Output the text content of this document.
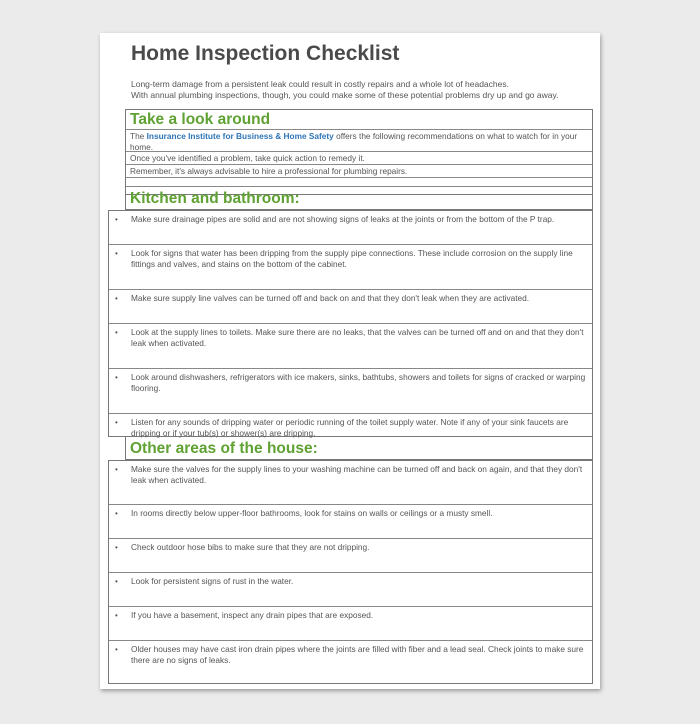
Home Inspection Checklist

Long-term damage from a persistent leak could result in costly repairs and a whole lot of headaches.

With annual plumbing inspections, though, you could make some of these potential problems dry up and go away.

Take a look around
The Insurance Institute for Business & Home Safety offers the following recommendations on what to watch for in your home.
Once you've identified a problem, take quick action to remedy it.
Remember, it's always advisable to hire a professional for plumbing repairs.
Kitchen and bathroom:
• Make sure drainage pipes are solid and are not showing signs of leaks at the joints or from the bottom of the P trap.
• Look for signs that water has been dripping from the supply pipe connections. These include corrosion on the supply line fittings and valves, and stains on the bottom of the cabinet.
• Make sure supply line valves can be turned off and back on and that they don't leak when they are activated.
• Look at the supply lines to toilets. Make sure there are no leaks, that the valves can be turned off and on and that they don't leak when activated.
• Look around dishwashers, refrigerators with ice makers, sinks, bathtubs, showers and toilets for signs of cracked or warping flooring.
• Listen for any sounds of dripping water or periodic running of the toilet supply water. Note if any of your sink faucets are dripping or if your tub(s) or shower(s) are dripping.
Other areas of the house:
• Make sure the valves for the supply lines to your washing machine can be turned off and back on again, and that they don't leak when activated.
• In rooms directly below upper-floor bathrooms, look for stains on walls or ceilings or a musty smell.
• Check outdoor hose bibs to make sure that they are not dripping.
• Look for persistent signs of rust in the water.
• If you have a basement, inspect any drain pipes that are exposed.
• Older houses may have cast iron drain pipes where the joints are filled with fiber and a lead seal. Check joints to make sure there are no signs of leaks.
